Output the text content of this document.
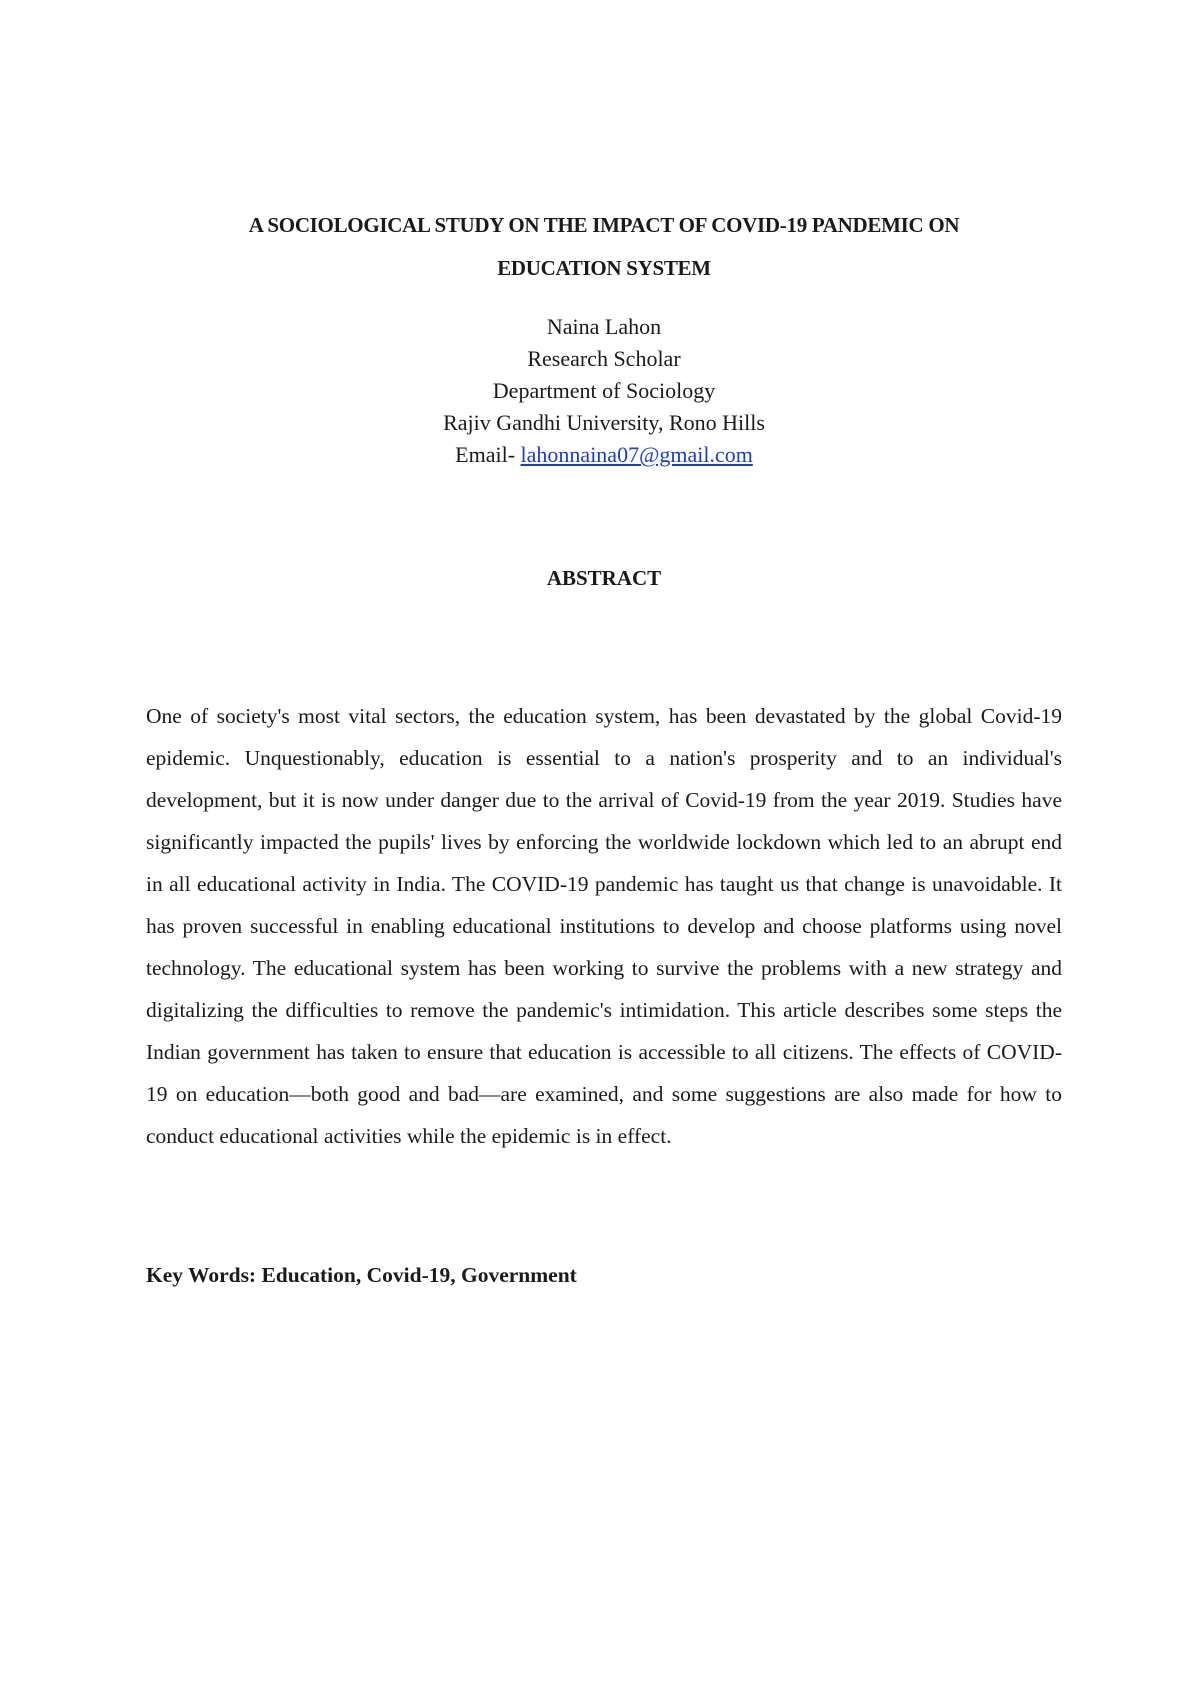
A SOCIOLOGICAL STUDY ON THE IMPACT OF COVID-19 PANDEMIC ON
EDUCATION SYSTEM
Naina Lahon
Research Scholar
Department of Sociology
Rajiv Gandhi University, Rono Hills
Email- lahonnaina07@gmail.com
ABSTRACT

One of society's most vital sectors, the education system, has been devastated by the global Covid-19 epidemic. Unquestionably, education is essential to a nation's prosperity and to an individual's development, but it is now under danger due to the arrival of Covid-19 from the year 2019. Studies have significantly impacted the pupils' lives by enforcing the worldwide lockdown which led to an abrupt end in all educational activity in India. The COVID-19 pandemic has taught us that change is unavoidable. It has proven successful in enabling educational institutions to develop and choose platforms using novel technology. The educational system has been working to survive the problems with a new strategy and digitalizing the difficulties to remove the pandemic's intimidation. This article describes some steps the Indian government has taken to ensure that education is accessible to all citizens. The effects of COVID-19 on education—both good and bad—are examined, and some suggestions are also made for how to conduct educational activities while the epidemic is in effect.

Key Words: Education, Covid-19, Government
